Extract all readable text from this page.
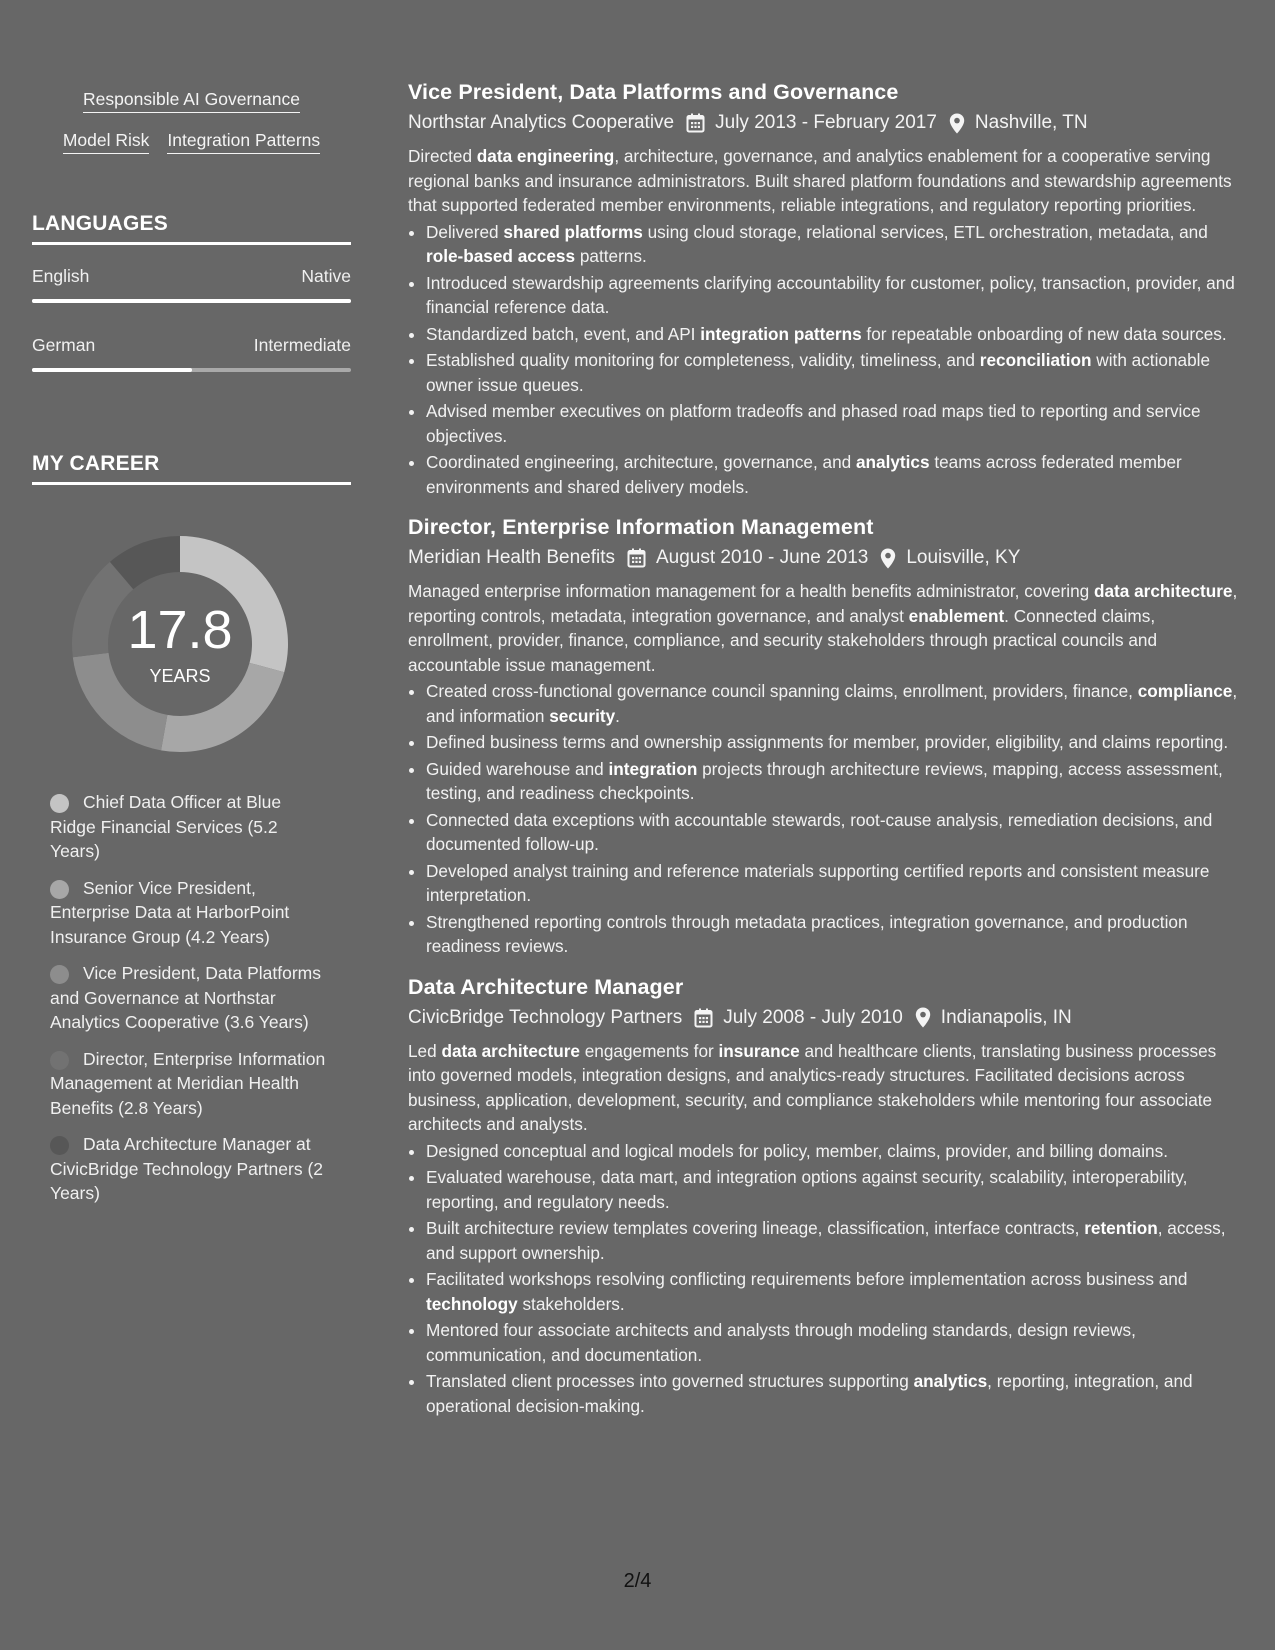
Responsible AI Governance
Model Risk Integration Patterns
LANGUAGES
English	Native
German	Intermediate
MY CAREER
17.8
YEARS
Chief Data Officer at Blue Ridge Financial Services (5.2 Years)
Senior Vice President, Enterprise Data at HarborPoint Insurance Group (4.2 Years)
Vice President, Data Platforms and Governance at Northstar Analytics Cooperative (3.6 Years)
Director, Enterprise Information Management at Meridian Health Benefits (2.8 Years)
Data Architecture Manager at CivicBridge Technology Partners (2 Years)
Vice President, Data Platforms and Governance
Northstar Analytics Cooperative July 2013 - February 2017 Nashville, TN
Directed data engineering, architecture, governance, and analytics enablement for a cooperative serving regional banks and insurance administrators. Built shared platform foundations and stewardship agreements that supported federated member environments, reliable integrations, and regulatory reporting priorities.
• Delivered shared platforms using cloud storage, relational services, ETL orchestration, metadata, and role-based access patterns.
• Introduced stewardship agreements clarifying accountability for customer, policy, transaction, provider, and financial reference data.
• Standardized batch, event, and API integration patterns for repeatable onboarding of new data sources.
• Established quality monitoring for completeness, validity, timeliness, and reconciliation with actionable owner issue queues.
• Advised member executives on platform tradeoffs and phased road maps tied to reporting and service objectives.
• Coordinated engineering, architecture, governance, and analytics teams across federated member environments and shared delivery models.
Director, Enterprise Information Management
Meridian Health Benefits August 2010 - June 2013 Louisville, KY
Managed enterprise information management for a health benefits administrator, covering data architecture, reporting controls, metadata, integration governance, and analyst enablement. Connected claims, enrollment, provider, finance, compliance, and security stakeholders through practical councils and accountable issue management.
• Created cross-functional governance council spanning claims, enrollment, providers, finance, compliance, and information security.
• Defined business terms and ownership assignments for member, provider, eligibility, and claims reporting.
• Guided warehouse and integration projects through architecture reviews, mapping, access assessment, testing, and readiness checkpoints.
• Connected data exceptions with accountable stewards, root-cause analysis, remediation decisions, and documented follow-up.
• Developed analyst training and reference materials supporting certified reports and consistent measure interpretation.
• Strengthened reporting controls through metadata practices, integration governance, and production readiness reviews.
Data Architecture Manager
CivicBridge Technology Partners July 2008 - July 2010 Indianapolis, IN
Led data architecture engagements for insurance and healthcare clients, translating business processes into governed models, integration designs, and analytics-ready structures. Facilitated decisions across business, application, development, security, and compliance stakeholders while mentoring four associate architects and analysts.
• Designed conceptual and logical models for policy, member, claims, provider, and billing domains.
• Evaluated warehouse, data mart, and integration options against security, scalability, interoperability, reporting, and regulatory needs.
• Built architecture review templates covering lineage, classification, interface contracts, retention, access, and support ownership.
• Facilitated workshops resolving conflicting requirements before implementation across business and technology stakeholders.
• Mentored four associate architects and analysts through modeling standards, design reviews, communication, and documentation.
• Translated client processes into governed structures supporting analytics, reporting, integration, and operational decision-making.
2/4
